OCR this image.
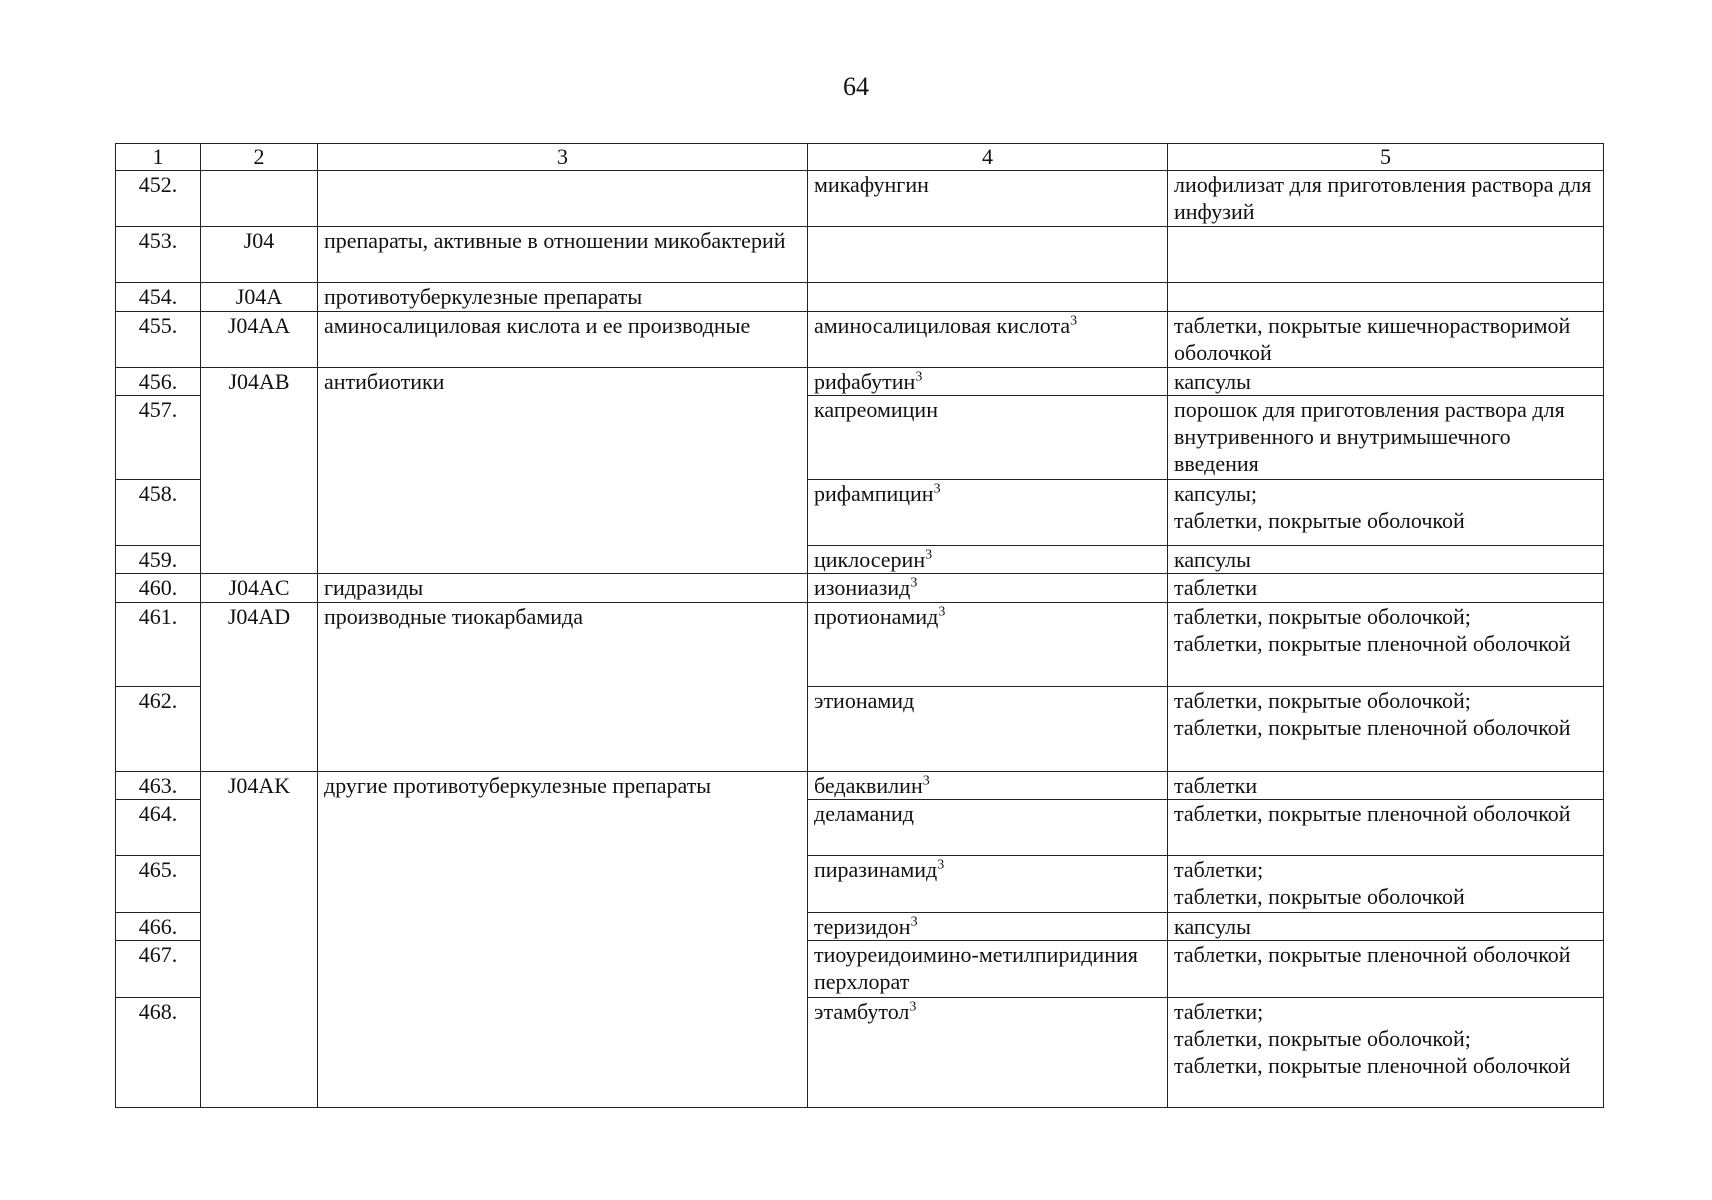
64
1	2	3	4	5
452.			микафунгин	лиофилизат для приготовления раствора для инфузий
453.	J04	препараты, активные в отношении микобактерий		
454.	J04A	противотуберкулезные препараты		
455.	J04AA	аминосалициловая кислота и ее производные	аминосалициловая кислота$^3$	таблетки, покрытые кишечнорастворимой оболочкой
456.	J04AB	антибиотики	рифабутин$^3$	капсулы
457.			капреомицин	порошок для приготовления раствора для внутривенного и внутримышечного введения
458.			рифампицин$^3$	капсулы;
таблетки, покрытые оболочкой
459.			циклосерин$^3$	капсулы
460.	J04AC	гидразиды	изониазид$^3$	таблетки
461.	J04AD	производные тиокарбамида	протионамид$^3$	таблетки, покрытые оболочкой;
таблетки, покрытые пленочной оболочкой
462.			этионамид	таблетки, покрытые оболочкой;
таблетки, покрытые пленочной оболочкой
463.	J04AK	другие противотуберкулезные препараты	бедаквилин$^3$	таблетки
464.			деламанид	таблетки, покрытые пленочной оболочкой
465.			пиразинамид$^3$	таблетки;
таблетки, покрытые оболочкой
466.			теризидон$^3$	капсулы
467.			тиоуреидоимино-метилпиридиния перхлорат	таблетки, покрытые пленочной оболочкой
468.			этамбутол$^3$	таблетки;
таблетки, покрытые оболочкой;
таблетки, покрытые пленочной оболочкой
